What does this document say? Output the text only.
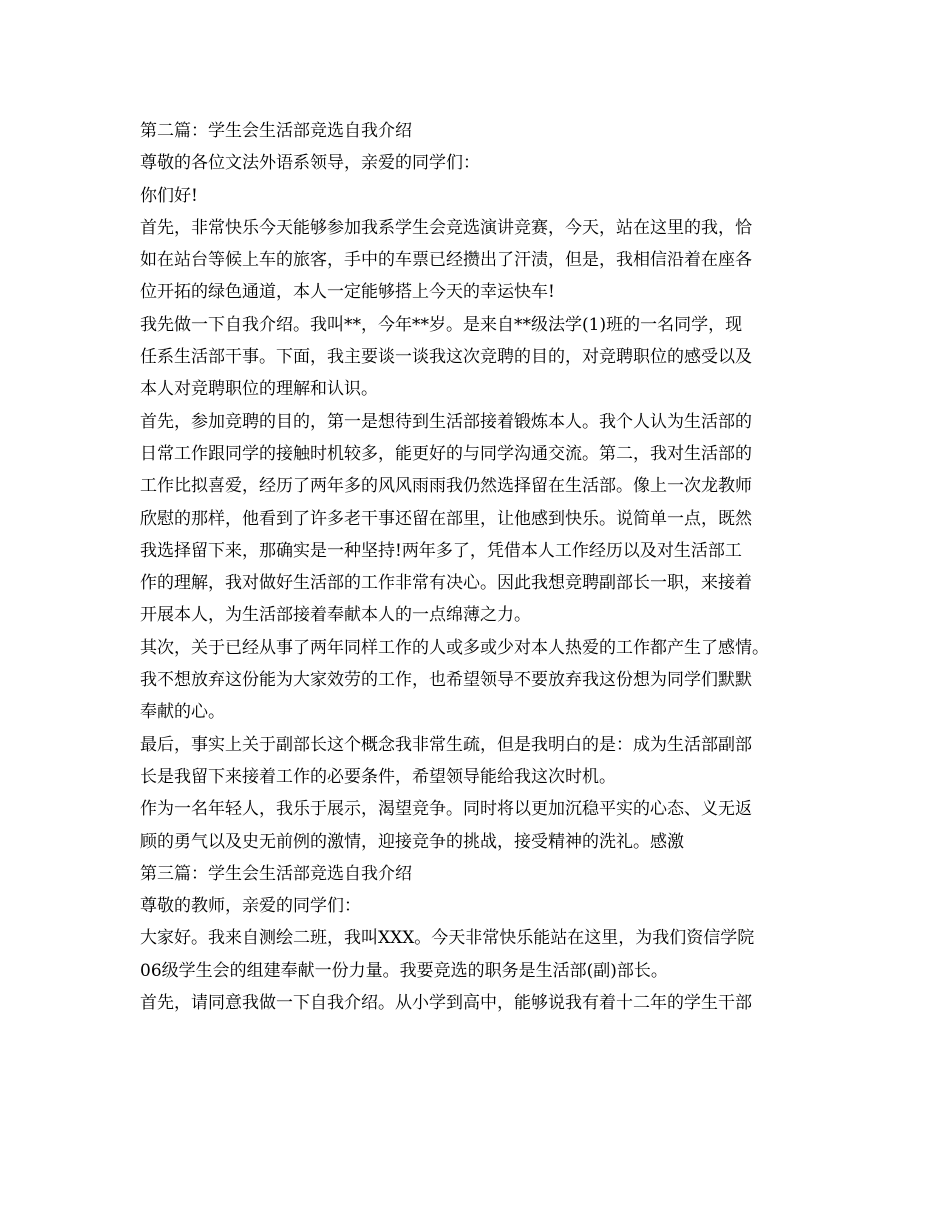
第二篇：学生会生活部竞选自我介绍
尊敬的各位文法外语系领导，亲爱的同学们：
你们好!
首先，非常快乐今天能够参加我系学生会竞选演讲竞赛，今天，站在这里的我，恰
如在站台等候上车的旅客，手中的车票已经攒出了汗渍，但是，我相信沿着在座各
位开拓的绿色通道，本人一定能够搭上今天的幸运快车!
我先做一下自我介绍。我叫**，今年**岁。是来自**级法学(1)班的一名同学，现
任系生活部干事。下面，我主要谈一谈我这次竞聘的目的，对竞聘职位的感受以及
本人对竞聘职位的理解和认识。
首先，参加竞聘的目的，第一是想待到生活部接着锻炼本人。我个人认为生活部的
日常工作跟同学的接触时机较多，能更好的与同学沟通交流。第二，我对生活部的
工作比拟喜爱，经历了两年多的风风雨雨我仍然选择留在生活部。像上一次龙教师
欣慰的那样，他看到了许多老干事还留在部里，让他感到快乐。说简单一点，既然
我选择留下来，那确实是一种坚持!两年多了，凭借本人工作经历以及对生活部工
作的理解，我对做好生活部的工作非常有决心。因此我想竞聘副部长一职，来接着
开展本人，为生活部接着奉献本人的一点绵薄之力。
其次，关于已经从事了两年同样工作的人或多或少对本人热爱的工作都产生了感情。
我不想放弃这份能为大家效劳的工作，也希望领导不要放弃我这份想为同学们默默
奉献的心。
最后，事实上关于副部长这个概念我非常生疏，但是我明白的是：成为生活部副部
长是我留下来接着工作的必要条件，希望领导能给我这次时机。
作为一名年轻人，我乐于展示，渴望竞争。同时将以更加沉稳平实的心态、义无返
顾的勇气以及史无前例的激情，迎接竞争的挑战，接受精神的洗礼。感激
第三篇：学生会生活部竞选自我介绍
尊敬的教师，亲爱的同学们：
大家好。我来自测绘二班，我叫XXX。今天非常快乐能站在这里，为我们资信学院
06级学生会的组建奉献一份力量。我要竞选的职务是生活部(副)部长。
首先，请同意我做一下自我介绍。从小学到高中，能够说我有着十二年的学生干部
